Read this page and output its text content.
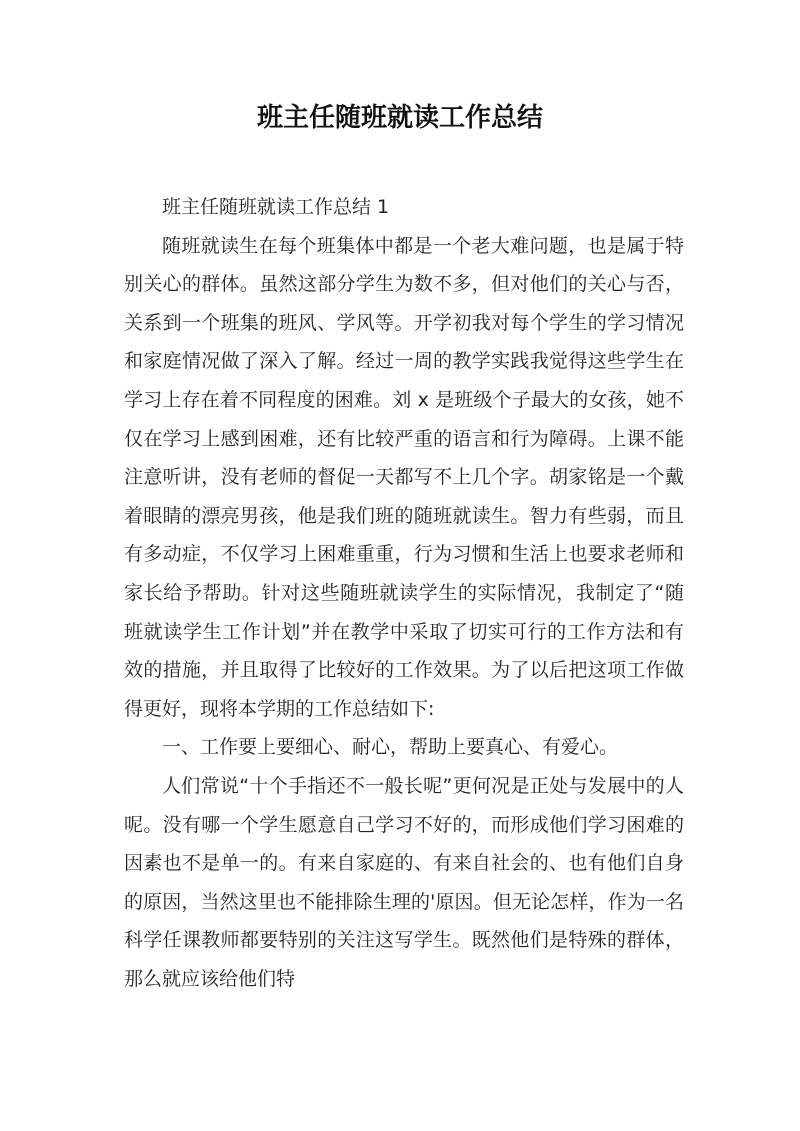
班主任随班就读工作总结

班主任随班就读工作总结 1

随班就读生在每个班集体中都是一个老大难问题，也是属于特别关心的群体。虽然这部分学生为数不多，但对他们的关心与否，关系到一个班集的班风、学风等。开学初我对每个学生的学习情况和家庭情况做了深入了解。经过一周的教学实践我觉得这些学生在学习上存在着不同程度的困难。刘 x 是班级个子最大的女孩，她不仅在学习上感到困难，还有比较严重的语言和行为障碍。上课不能注意听讲，没有老师的督促一天都写不上几个字。胡家铭是一个戴着眼睛的漂亮男孩，他是我们班的随班就读生。智力有些弱，而且有多动症，不仅学习上困难重重，行为习惯和生活上也要求老师和家长给予帮助。针对这些随班就读学生的实际情况，我制定了“随班就读学生工作计划”并在教学中采取了切实可行的工作方法和有效的措施，并且取得了比较好的工作效果。为了以后把这项工作做得更好，现将本学期的工作总结如下:

一、工作要上要细心、耐心，帮助上要真心、有爱心。

人们常说“十个手指还不一般长呢”更何况是正处与发展中的人呢。没有哪一个学生愿意自己学习不好的，而形成他们学习困难的因素也不是单一的。有来自家庭的、有来自社会的、也有他们自身的原因，当然这里也不能排除生理的'原因。但无论怎样，作为一名科学任课教师都要特别的关注这写学生。既然他们是特殊的群体，那么就应该给他们特
